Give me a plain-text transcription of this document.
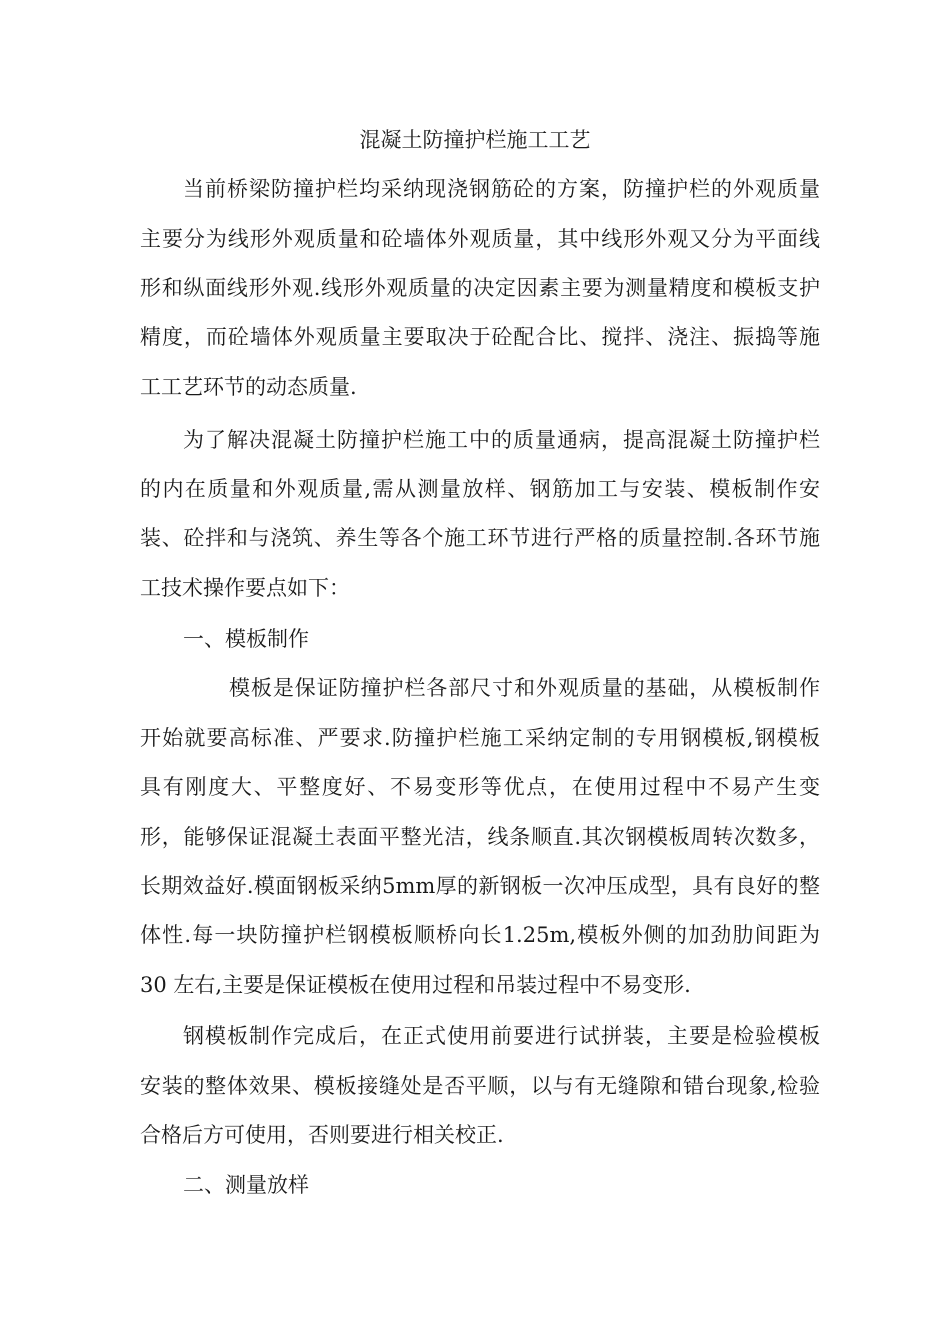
混凝土防撞护栏施工工艺
当前桥梁防撞护栏均采纳现浇钢筋砼的方案，防撞护栏的外观质量
主要分为线形外观质量和砼墙体外观质量，其中线形外观又分为平面线
形和纵面线形外观.线形外观质量的决定因素主要为测量精度和模板支护
精度，而砼墙体外观质量主要取决于砼配合比、搅拌、浇注、振捣等施
工工艺环节的动态质量.
为了解决混凝土防撞护栏施工中的质量通病，提高混凝土防撞护栏
的内在质量和外观质量,需从测量放样、钢筋加工与安装、模板制作安
装、砼拌和与浇筑、养生等各个施工环节进行严格的质量控制.各环节施
工技术操作要点如下：
一、模板制作
模板是保证防撞护栏各部尺寸和外观质量的基础，从模板制作
开始就要高标准、严要求.防撞护栏施工采纳定制的专用钢模板,钢模板
具有刚度大、平整度好、不易变形等优点，在使用过程中不易产生变
形，能够保证混凝土表面平整光洁，线条顺直.其次钢模板周转次数多，
长期效益好.模面钢板采纳5mm厚的新钢板一次冲压成型，具有良好的整
体性.每一块防撞护栏钢模板顺桥向长1.25m,模板外侧的加劲肋间距为
30 左右,主要是保证模板在使用过程和吊装过程中不易变形.
钢模板制作完成后，在正式使用前要进行试拼装，主要是检验模板
安装的整体效果、模板接缝处是否平顺，以与有无缝隙和错台现象,检验
合格后方可使用，否则要进行相关校正.
二、测量放样
